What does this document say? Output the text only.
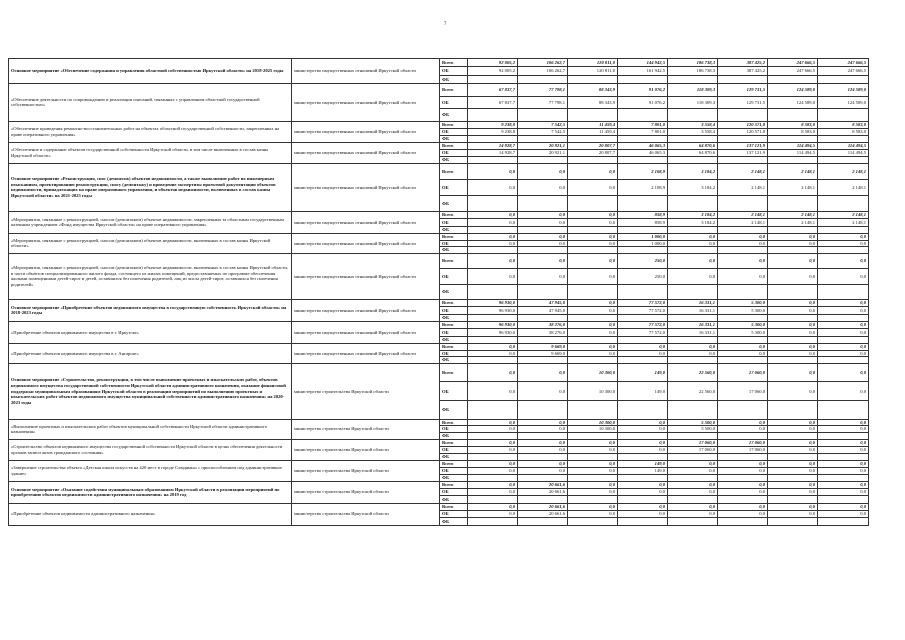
7
Основное мероприятие «Обеспечение содержания и управления областной собственностью Иркутской области» на 2018-2025 годы	министерство имущественных отношений Иркутской области	Всего	92 005,2	106 262,7	120 811,0	144 942,5	186 738,3	387 425,2	247 666,5	247 666,5
		ОБ	92 005,2	106 262,7	120 811,0	161 942,5	186 738,3	387 425,2	247 666,5	247 666,5
		ФБ								
«Обеспечение деятельности по сопровождению и реализации описаний, связанных с управлением областной государственной собственностью»	министерство имущественных отношений Иркутской области	Всего	67 837,7	77 798,1	88 343,9	91 076,2	118 309,3	129 731,5	124 589,0	124 589,0
		ОБ	67 837,7	77 798,1	88 343,9	91 076,2	118 309,3	129 731,5	124 589,0	124 589,0
		ФБ								
«Обеспечение проведения ремонтно-восстановительных работ на объектах областной государственной собственности, закрепленных на праве оперативного управления»	министерство имущественных отношений Иркутской области	Всего	9 238,8	7 542,5	11 459,4	7 801,0	3 558,4	120 571,8	8 583,0	8 583,0
		ОБ	9 238,8	7 542,5	11 459,4	7 801,0	3 558,4	120 571,8	8 583,0	8 583,0
		ФБ								
«Обеспечение и содержание объектов государственной собственности Иркутской области, в том числе включенных в состав казны Иркутской области»	министерство имущественных отношений Иркутской области	Всего	14 928,7	20 921,1	20 807,7	46 065,3	64 870,6	137 121,9	114 494,5	114 494,5
		ОБ	14 928,7	20 921,1	20 807,7	46 065,3	64 870,6	137 121,9	114 494,5	114 494,5
		ФБ								
Основное мероприятие «Реконструкция, снос (демонтаж) объектов недвижимости, а также выполнение работ по инженерным изысканиям, проектированию реконструкции, сносу (демонтажу) и проведение экспертизы проектной документации объектов недвижимости, принадлежащих на праве оперативного управления, и объектов недвижимости, включенных в состав казны Иркутской области» на 2021-2025 годы	министерство имущественных отношений Иркутской области	Всего	0,0	0,0	0,0	2 108,9	3 184,2	2 148,1	2 148,1	2 148,1
		ОБ	0,0	0,0	0,0	2 108,9	3 184,2	2 148,1	2 148,1	2 148,1
		ФБ								
«Мероприятия, связанные с реконструкцией, сносом (демонтажем) объектов недвижимости, закрепленных за областным государственным казенным учреждением «Фонд имущества Иркутской области» на праве оперативного управления»	министерство имущественных отношений Иркутской области	Всего	0,0	0,0	0,0	858,9	3 184,2	2 148,1	2 148,1	2 148,1
		ОБ	0,0	0,0	0,0	858,9	3 184,2	2 148,1	2 148,1	2 148,1
		ФБ								
«Мероприятия, связанные с реконструкцией, сносом (демонтажем) объектов недвижимости, включенных в состав казны Иркутской области»	министерство имущественных отношений Иркутской области	Всего	0,0	0,0	0,0	1 000,0	0,0	0,0	0,0	0,0
		ОБ	0,0	0,0	0,0	1 000,0	0,0	0,0	0,0	0,0
		ФБ								
«Мероприятия, связанные с реконструкцией, сносом (демонтажем) объектов недвижимости, включенных в состав казны Иркутской области, в части объектов специализированного жилого фонда, состоящего из жилых помещений, предоставляемых по программе обеспечения жилыми помещениями детей-сирот и детей, оставшихся без попечения родителей, лиц из числа детей-сирот, оставшихся без попечения родителей»	министерство имущественных отношений Иркутской области	Всего	0,0	0,0	0,0	250,0	0,0	0,0	0,0	0,0
		ОБ	0,0	0,0	0,0	250,0	0,0	0,0	0,0	0,0
		ФБ								
Основное мероприятие «Приобретение объектов недвижимого имущества в государственную собственность Иркутской области» на 2018-2023 годы	министерство имущественных отношений Иркутской области	Всего	96 930,0	47 945,0	0,0	77 572,0	16 331,1	5 300,0	0,0	0,0
		ОБ	96 930,0	47 945,0	0,0	77 572,0	16 331,1	5 300,0	0,0	0,0
		ФБ								
«Приобретение объектов недвижимого имущества в г. Иркутске»	министерство имущественных отношений Иркутской области	Всего	96 930,0	38 276,0	0,0	77 572,0	16 331,1	5 300,0	0,0	0,0
		ОБ	96 930,0	38 276,0	0,0	77 572,0	16 331,1	5 300,0	0,0	0,0
		ФБ								
«Приобретение объектов недвижимого имущества в г. Ангарске»	министерство имущественных отношений Иркутской области	Всего	0,0	9 669,0	0,0	0,0	0,0	0,0	0,0	0,0
		ОБ	0,0	9 669,0	0,0	0,0	0,0	0,0	0,0	0,0
		ФБ								
Основное мероприятие «Строительство, реконструкция, в том числе выполнение проектных и изыскательских работ, объектов недвижимого имущества государственной собственности Иркутской области административного назначения, оказание финансовой поддержки муниципальным образованиям Иркутской области в реализации мероприятий по выполнению проектных и изыскательских работ объектов недвижимого имущества муниципальной собственности административного назначения» на 2020-2023 годы	министерство строительства Иркутской области	Всего	0,0	0,0	10 300,0	149,0	22 560,0	17 060,0	0,0	0,0
		ОБ	0,0	0,0	10 300,0	149,0	22 560,0	17 060,0	0,0	0,0
		ФБ								
«Выполнение проектных и изыскательских работ объектов муниципальной собственности Иркутской области административного назначения»	министерство строительства Иркутской области	Всего	0,0	0,0	10 300,0	0,0	5 500,0	0,0	0,0	0,0
		ОБ	0,0	0,0	10 300,0	0,0	5 500,0	0,0	0,0	0,0
		ФБ								
«Строительство объектов недвижимого имущества государственной собственности Иркутской области в целях обеспечения деятельности органов записи актов гражданского состояния»	министерство строительства Иркутской области	Всего	0,0	0,0	0,0	0,0	17 060,0	17 060,0	0,0	0,0
		ОБ	0,0	0,0	0,0	0,0	17 060,0	17 060,0	0,0	0,0
		ФБ								
«Завершение строительства объекта «Детская школа искусств на 420 мест в городе Слюдянка» с приспособлением под административное здание»	министерство строительства Иркутской области	Всего	0,0	0,0	0,0	149,0	0,0	0,0	0,0	0,0
		ОБ	0,0	0,0	0,0	149,0	0,0	0,0	0,0	0,0
		ФБ								
Основное мероприятие «Оказание содействия муниципальным образованиям Иркутской области в реализации мероприятий по приобретению объектов недвижимости административного назначения» на 2019 год	министерство строительства Иркутской области	Всего	0,0	20 661,6	0,0	0,0	0,0	0,0	0,0	0,0
		ОБ	0,0	20 661,6	0,0	0,0	0,0	0,0	0,0	0,0
		ФБ								
«Приобретение объектов недвижимости административного назначения»	министерство строительства Иркутской области	Всего	0,0	20 661,6	0,0	0,0	0,0	0,0	0,0	0,0
		ОБ	0,0	20 661,6	0,0	0,0	0,0	0,0	0,0	0,0
		ФБ								
